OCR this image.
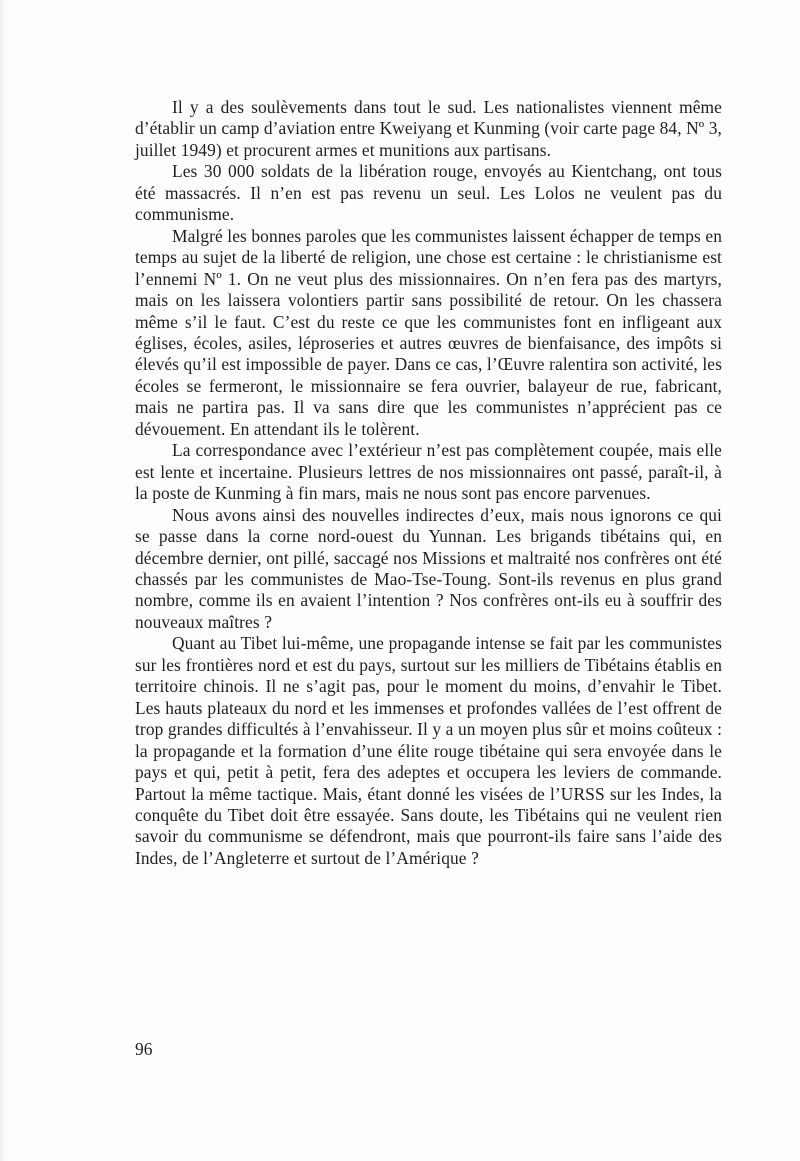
Il y a des soulèvements dans tout le sud. Les nationalistes viennent même d’établir un camp d’aviation entre Kweiyang et Kunming (voir carte page 84, Nº 3, juillet 1949) et procurent armes et munitions aux partisans.

Les 30 000 soldats de la libération rouge, envoyés au Kientchang, ont tous été massacrés. Il n’en est pas revenu un seul. Les Lolos ne veulent pas du communisme.

Malgré les bonnes paroles que les communistes laissent échapper de temps en temps au sujet de la liberté de religion, une chose est certaine : le christianisme est l’ennemi Nº 1. On ne veut plus des missionnaires. On n’en fera pas des martyrs, mais on les laissera volontiers partir sans possibilité de retour. On les chassera même s’il le faut. C’est du reste ce que les communistes font en infligeant aux églises, écoles, asiles, léproseries et autres œuvres de bienfaisance, des impôts si élevés qu’il est impossible de payer. Dans ce cas, l’Œuvre ralentira son activité, les écoles se fermeront, le missionnaire se fera ouvrier, balayeur de rue, fabricant, mais ne partira pas. Il va sans dire que les communistes n’apprécient pas ce dévouement. En attendant ils le tolèrent.

La correspondance avec l’extérieur n’est pas complètement coupée, mais elle est lente et incertaine. Plusieurs lettres de nos missionnaires ont passé, paraît-il, à la poste de Kunming à fin mars, mais ne nous sont pas encore parvenues.

Nous avons ainsi des nouvelles indirectes d’eux, mais nous ignorons ce qui se passe dans la corne nord-ouest du Yunnan. Les brigands tibétains qui, en décembre dernier, ont pillé, saccagé nos Missions et maltraité nos confrères ont été chassés par les communistes de Mao-Tse-Toung. Sont-ils revenus en plus grand nombre, comme ils en avaient l’intention ? Nos confrères ont-ils eu à souffrir des nouveaux maîtres ?

Quant au Tibet lui-même, une propagande intense se fait par les communistes sur les frontières nord et est du pays, surtout sur les milliers de Tibétains établis en territoire chinois. Il ne s’agit pas, pour le moment du moins, d’envahir le Tibet. Les hauts plateaux du nord et les immenses et profondes vallées de l’est offrent de trop grandes difficultés à l’envahisseur. Il y a un moyen plus sûr et moins coûteux : la propagande et la formation d’une élite rouge tibétaine qui sera envoyée dans le pays et qui, petit à petit, fera des adeptes et occupera les leviers de commande. Partout la même tactique. Mais, étant donné les visées de l’URSS sur les Indes, la conquête du Tibet doit être essayée. Sans doute, les Tibétains qui ne veulent rien savoir du communisme se défendront, mais que pourront-ils faire sans l’aide des Indes, de l’Angleterre et surtout de l’Amérique ?

96
